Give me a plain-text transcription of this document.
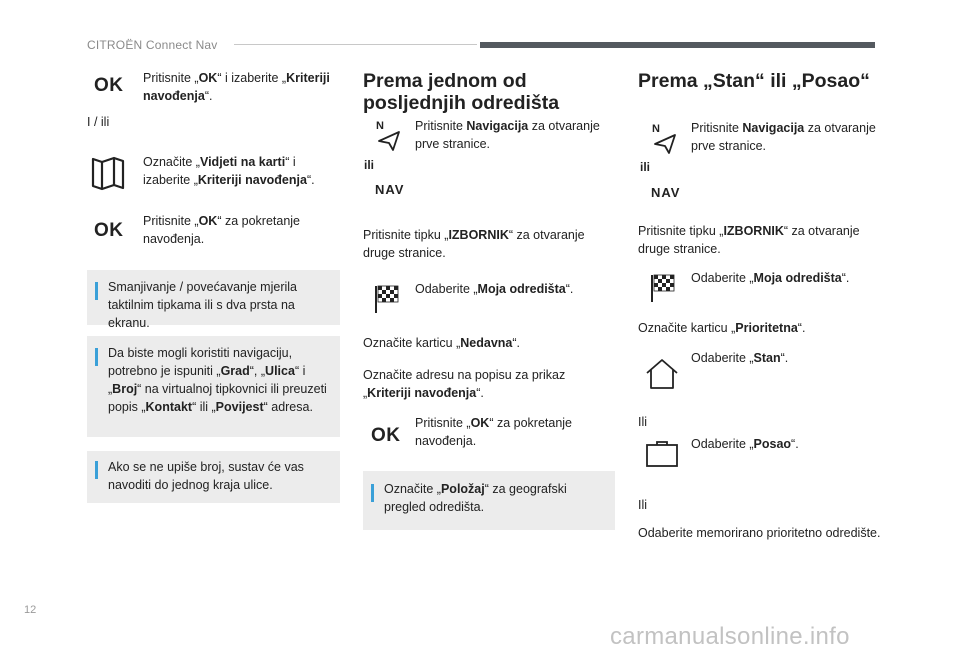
CITROËN Connect Nav
OK Pritisnite „OK“ i izaberite „Kriteriji navođenja“.
I / ili
Označite „Vidjeti na karti“ i izaberite „Kriteriji navođenja“.
OK Pritisnite „OK“ za pokretanje navođenja.
Smanjivanje / povećavanje mjerila taktilnim tipkama ili s dva prsta na ekranu.
Da biste mogli koristiti navigaciju, potrebno je ispuniti „Grad“, „Ulica“ i „Broj“ na virtualnoj tipkovnici ili preuzeti popis „Kontakt“ ili „Povijest“ adresa.
Ako se ne upiše broj, sustav će vas navoditi do jednog kraja ulice.
Prema jednom od posljednjih odredišta
N Pritisnite Navigacija za otvaranje prve stranice.
ili
NAV
Pritisnite tipku „IZBORNIK“ za otvaranje druge stranice.
Odaberite „Moja odredišta“.
Označite karticu „Nedavna“.
Označite adresu na popisu za prikaz „Kriteriji navođenja“.
OK
Pritisnite „OK“ za pokretanje navođenja.
Označite „Položaj“ za geografski pregled odredišta.
Prema „Stan“ ili „Posao“
N Pritisnite Navigacija za otvaranje prve stranice.
ili
NAV
Pritisnite tipku „IZBORNIK“ za otvaranje druge stranice.
Odaberite „Moja odredišta“.
Označite karticu „Prioritetna“.
Odaberite „Stan“.
Ili
Odaberite „Posao“.
Ili
Odaberite memorirano prioritetno odredište.
12
carmanualsonline.info
